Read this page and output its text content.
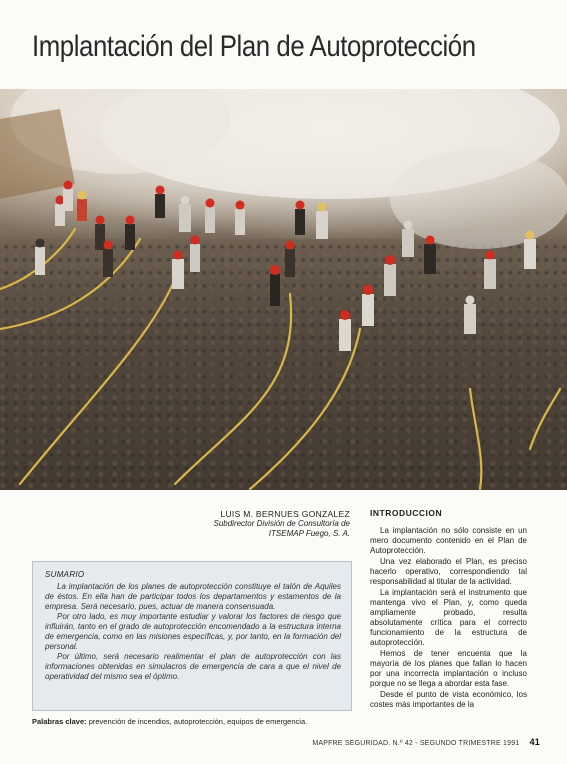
Implantación del Plan de Autoprotección
LUIS M. BERNUES GONZALEZ
Subdirector División de Consultoría de ITSEMAP Fuego, S. A.
SUMARIO

La implantación de los planes de autoprotección constituye el talón de Aquiles de éstos. En ella han de participar todos los departamentos y estamentos de la empresa. Será necesario, pues, actuar de manera consensuada.

Por otro lado, es muy importante estudiar y valorar los factores de riesgo que influirán, tanto en el grado de autoprotección encomendado a la estructura interna de emergencia, como en las misiones específicas, y, por tanto, en la formación del personal.

Por último, será necesario realimentar el plan de autoprotección con las informaciones obtenidas en simulacros de emergencia de cara a que el nivel de operatividad del mismo sea el óptimo.

Palabras clave: prevención de incendios, autoprotección, equipos de emergencia.
INTRODUCCION

La implantación no sólo consiste en un mero documento contenido en el Plan de Autoprotección.

Una vez elaborado el Plan, es preciso hacerlo operativo, correspondiendo tal responsabilidad al titular de la actividad.

La implantación será el instrumento que mantenga vivo el Plan, y, como queda ampliamente probado, resulta absolutamente crítica para el correcto funcionamiento de la estructura de autoprotección.

Hemos de tener encuenta que la mayoría de los planes que fallan lo hacen por una incorrecta implantación o incluso porque no se llega a abordar esta fase.

Desde el punto de vista económico, los costes más importantes de la

MAPFRE SEGURIDAD. N.º 42 - SEGUNDO TRIMESTRE 1991 41
